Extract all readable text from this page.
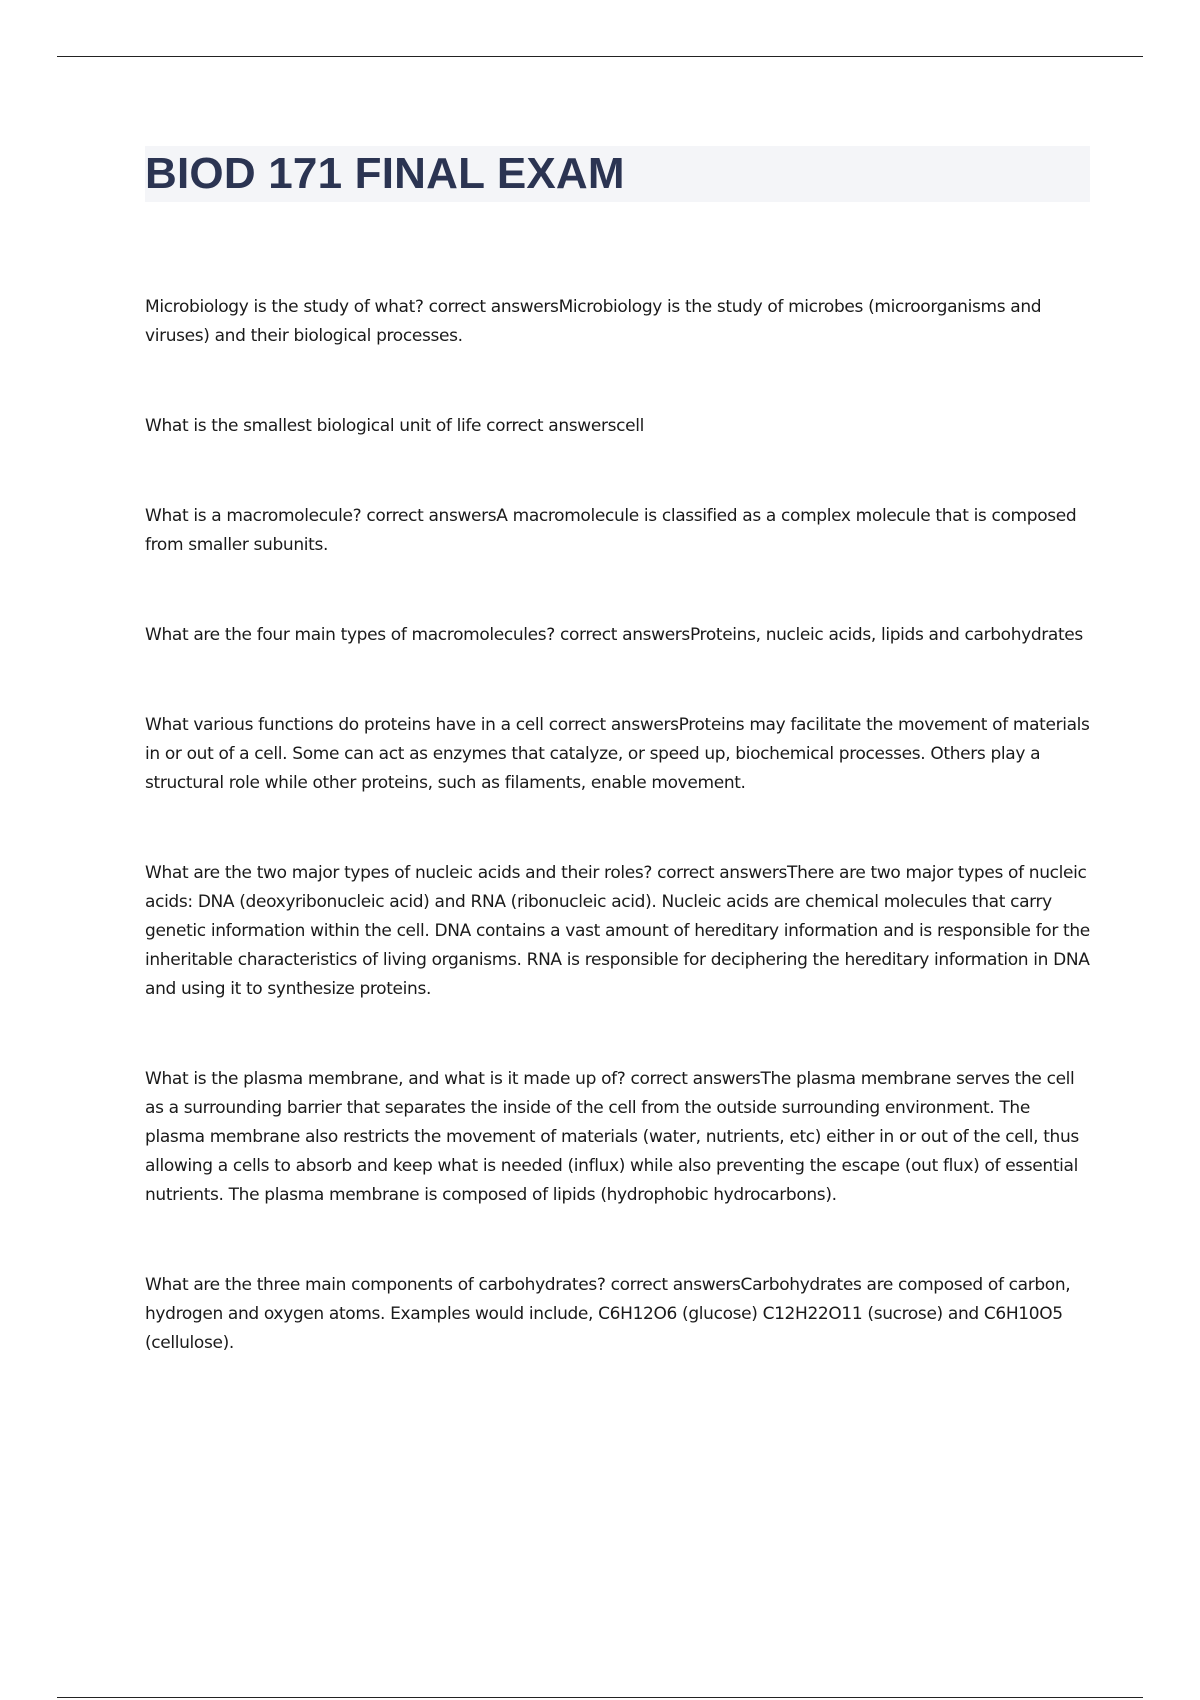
BIOD 171 FINAL EXAM
Microbiology is the study of what? correct answersMicrobiology is the study of microbes (microorganisms and viruses) and their biological processes.
What is the smallest biological unit of life correct answerscell
What is a macromolecule? correct answersA macromolecule is classified as a complex molecule that is composed from smaller subunits.
What are the four main types of macromolecules? correct answersProteins, nucleic acids, lipids and carbohydrates
What various functions do proteins have in a cell correct answersProteins may facilitate the movement of materials in or out of a cell. Some can act as enzymes that catalyze, or speed up, biochemical processes. Others play a structural role while other proteins, such as filaments, enable movement.
What are the two major types of nucleic acids and their roles? correct answersThere are two major types of nucleic acids: DNA (deoxyribonucleic acid) and RNA (ribonucleic acid). Nucleic acids are chemical molecules that carry genetic information within the cell. DNA contains a vast amount of hereditary information and is responsible for the inheritable characteristics of living organisms. RNA is responsible for deciphering the hereditary information in DNA and using it to synthesize proteins.
What is the plasma membrane, and what is it made up of? correct answersThe plasma membrane serves the cell as a surrounding barrier that separates the inside of the cell from the outside surrounding environment. The plasma membrane also restricts the movement of materials (water, nutrients, etc) either in or out of the cell, thus allowing a cells to absorb and keep what is needed (influx) while also preventing the escape (out flux) of essential nutrients. The plasma membrane is composed of lipids (hydrophobic hydrocarbons).
What are the three main components of carbohydrates? correct answersCarbohydrates are composed of carbon, hydrogen and oxygen atoms. Examples would include, C6H12O6 (glucose) C12H22O11 (sucrose) and C6H10O5 (cellulose).
